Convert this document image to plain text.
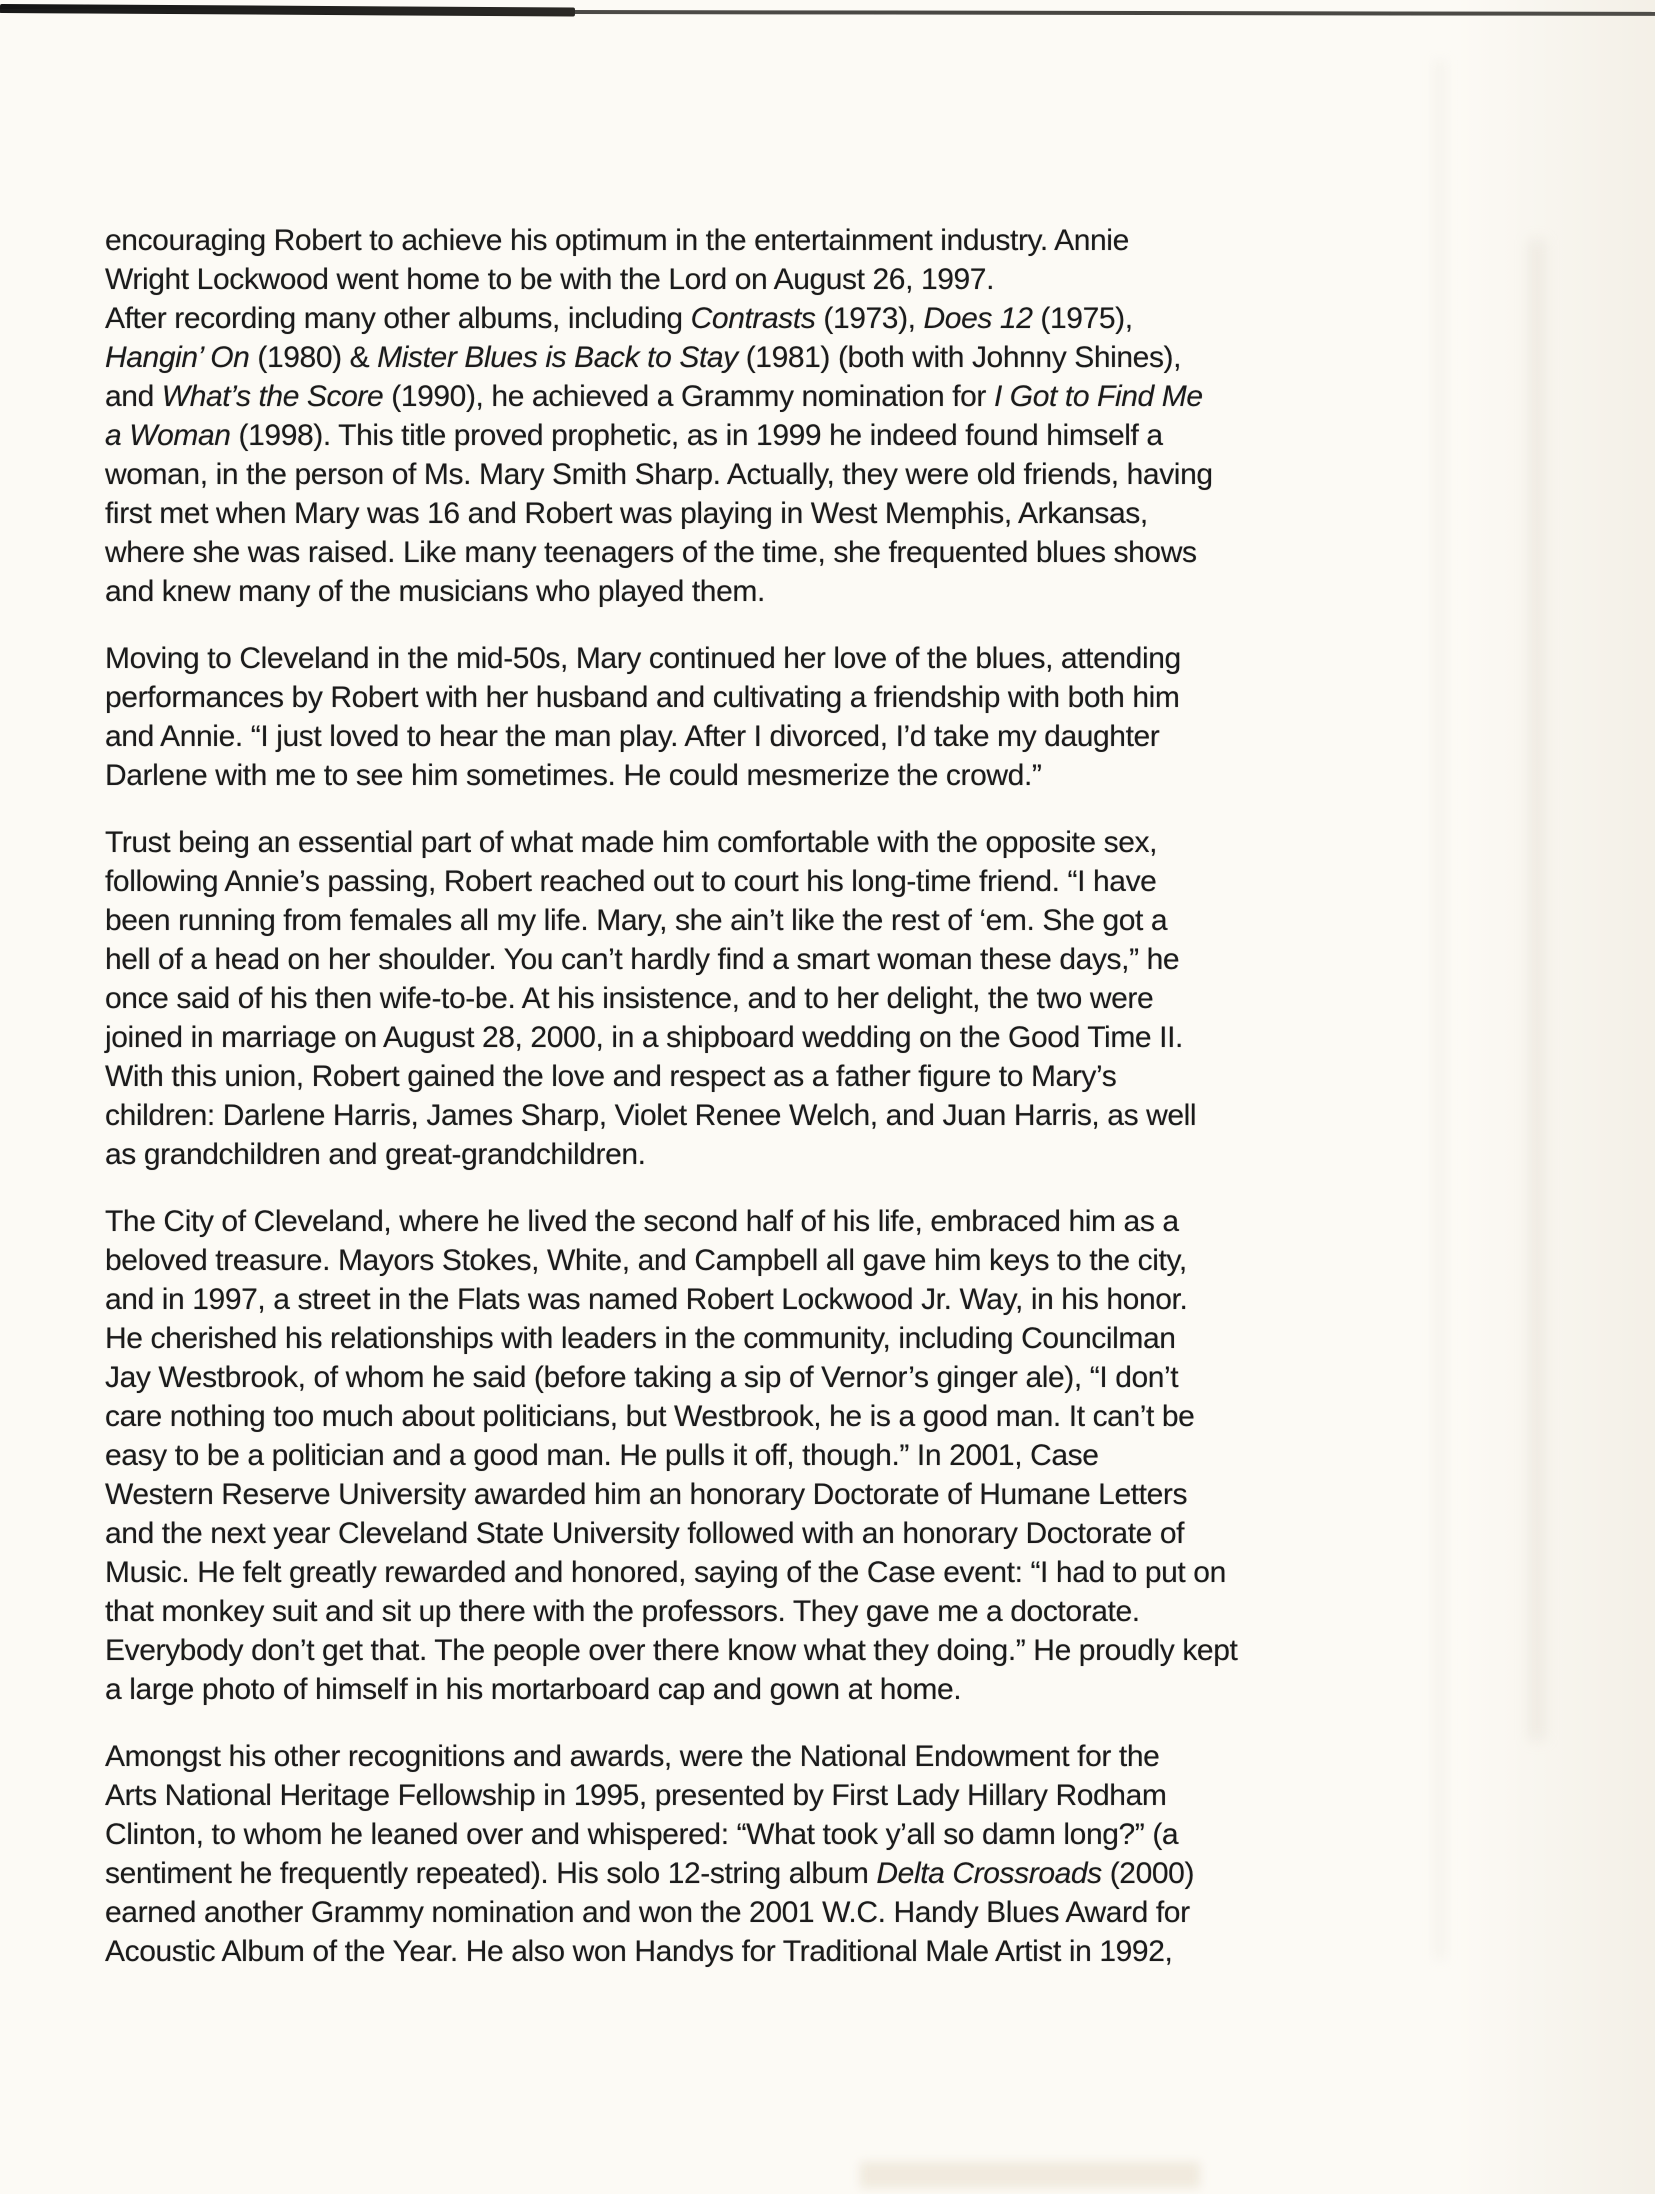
encouraging Robert to achieve his optimum in the entertainment industry. Annie
Wright Lockwood went home to be with the Lord on August 26, 1997.
After recording many other albums, including Contrasts (1973), Does 12 (1975),
Hangin’ On (1980) & Mister Blues is Back to Stay (1981) (both with Johnny Shines),
and What’s the Score (1990), he achieved a Grammy nomination for I Got to Find Me
a Woman (1998). This title proved prophetic, as in 1999 he indeed found himself a
woman, in the person of Ms. Mary Smith Sharp. Actually, they were old friends, having
first met when Mary was 16 and Robert was playing in West Memphis, Arkansas,
where she was raised. Like many teenagers of the time, she frequented blues shows
and knew many of the musicians who played them.
Moving to Cleveland in the mid-50s, Mary continued her love of the blues, attending
performances by Robert with her husband and cultivating a friendship with both him
and Annie. “I just loved to hear the man play. After I divorced, I’d take my daughter
Darlene with me to see him sometimes. He could mesmerize the crowd.”
Trust being an essential part of what made him comfortable with the opposite sex,
following Annie’s passing, Robert reached out to court his long-time friend. “I have
been running from females all my life. Mary, she ain’t like the rest of ‘em. She got a
hell of a head on her shoulder. You can’t hardly find a smart woman these days,” he
once said of his then wife-to-be. At his insistence, and to her delight, the two were
joined in marriage on August 28, 2000, in a shipboard wedding on the Good Time II.
With this union, Robert gained the love and respect as a father figure to Mary’s
children: Darlene Harris, James Sharp, Violet Renee Welch, and Juan Harris, as well
as grandchildren and great-grandchildren.
The City of Cleveland, where he lived the second half of his life, embraced him as a
beloved treasure. Mayors Stokes, White, and Campbell all gave him keys to the city,
and in 1997, a street in the Flats was named Robert Lockwood Jr. Way, in his honor.
He cherished his relationships with leaders in the community, including Councilman
Jay Westbrook, of whom he said (before taking a sip of Vernor’s ginger ale), “I don’t
care nothing too much about politicians, but Westbrook, he is a good man. It can’t be
easy to be a politician and a good man. He pulls it off, though.” In 2001, Case
Western Reserve University awarded him an honorary Doctorate of Humane Letters
and the next year Cleveland State University followed with an honorary Doctorate of
Music. He felt greatly rewarded and honored, saying of the Case event: “I had to put on
that monkey suit and sit up there with the professors. They gave me a doctorate.
Everybody don’t get that. The people over there know what they doing.” He proudly kept
a large photo of himself in his mortarboard cap and gown at home.
Amongst his other recognitions and awards, were the National Endowment for the
Arts National Heritage Fellowship in 1995, presented by First Lady Hillary Rodham
Clinton, to whom he leaned over and whispered: “What took y’all so damn long?” (a
sentiment he frequently repeated). His solo 12-string album Delta Crossroads (2000)
earned another Grammy nomination and won the 2001 W.C. Handy Blues Award for
Acoustic Album of the Year. He also won Handys for Traditional Male Artist in 1992,
